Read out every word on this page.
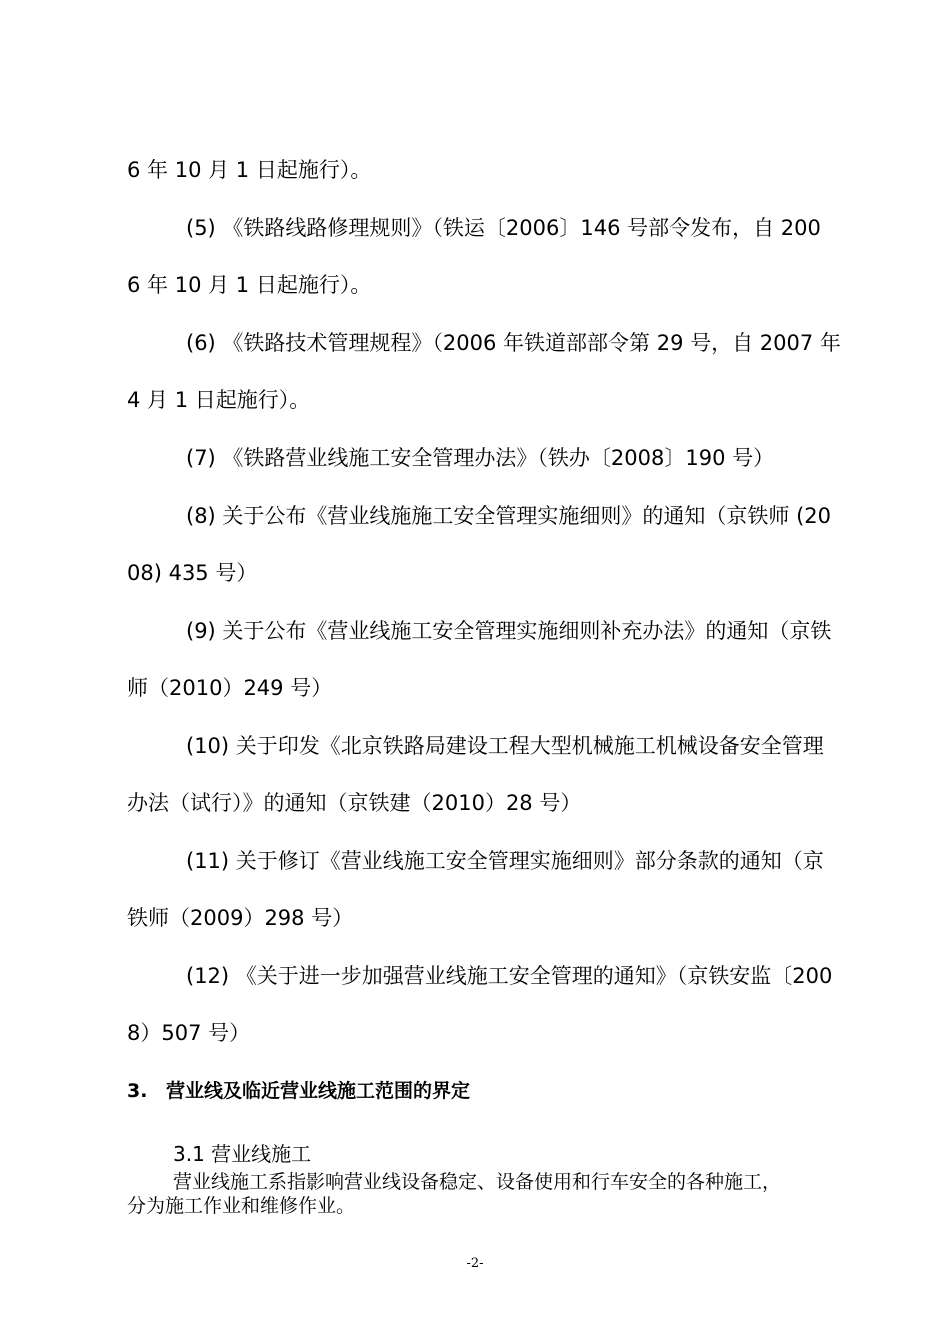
6 年 10 月 1 日起施行）。
(5) 《铁路线路修理规则》（铁运〔2006〕146 号部令发布，自 200
6 年 10 月 1 日起施行）。
(6) 《铁路技术管理规程》（2006 年铁道部部令第 29 号，自 2007 年
4 月 1 日起施行）。
(7) 《铁路营业线施工安全管理办法》（铁办〔2008〕190 号）
(8) 关于公布《营业线施施工安全管理实施细则》的通知（京铁师 (20
08) 435 号）
(9) 关于公布《营业线施工安全管理实施细则补充办法》的通知（京铁
师（2010）249 号）
(10) 关于印发《北京铁路局建设工程大型机械施工机械设备安全管理
办法（试行）》的通知（京铁建（2010）28 号）
(11) 关于修订《营业线施工安全管理实施细则》部分条款的通知（京
铁师（2009）298 号）
(12) 《关于进一步加强营业线施工安全管理的通知》（京铁安监〔200
8）507 号）
3. 营业线及临近营业线施工范围的界定
3.1 营业线施工
营业线施工系指影响营业线设备稳定、设备使用和行车安全的各种施工，
分为施工作业和维修作业。
-2-
